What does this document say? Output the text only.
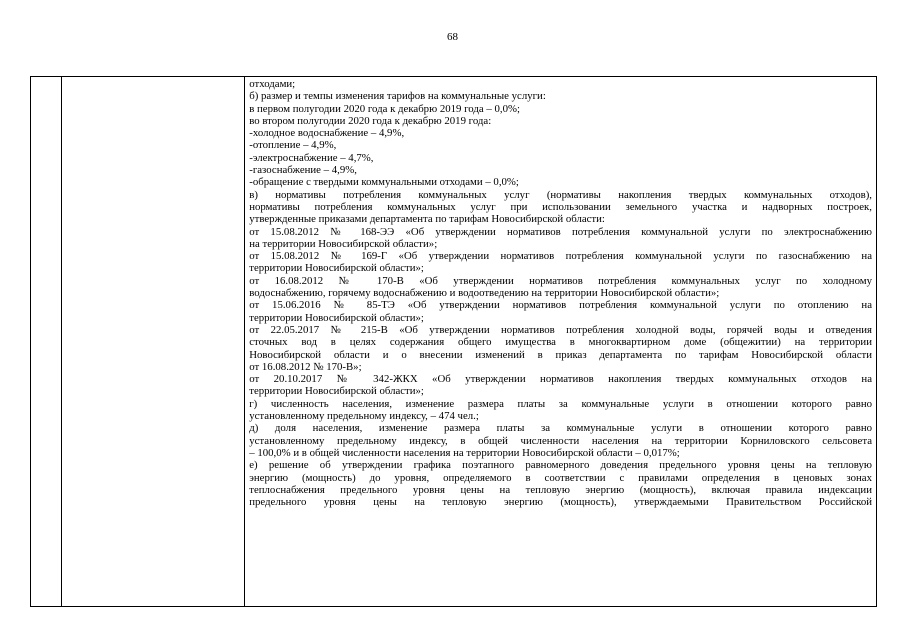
68

отходами;
б) размер и темпы изменения тарифов на коммунальные услуги:
в первом полугодии 2020 года к декабрю 2019 года – 0,0%;
во втором полугодии 2020 года к декабрю 2019 года:
-холодное водоснабжение – 4,9%,
-отопление – 4,9%,
-электроснабжение – 4,7%,
-газоснабжение – 4,9%,
-обращение с твердыми коммунальными отходами – 0,0%;
в) нормативы потребления коммунальных услуг (нормативы накопления твердых коммунальных отходов),
нормативы потребления коммунальных услуг при использовании земельного участка и надворных построек,
утвержденные приказами департамента по тарифам Новосибирской области:
от 15.08.2012 № 168-ЭЭ «Об утверждении нормативов потребления коммунальной услуги по электроснабжению
на территории Новосибирской области»;
от 15.08.2012 № 169-Г «Об утверждении нормативов потребления коммунальной услуги по газоснабжению на
территории Новосибирской области»;
от 16.08.2012 № 170-В «Об утверждении нормативов потребления коммунальных услуг по холодному
водоснабжению, горячему водоснабжению и водоотведению на территории Новосибирской области»;
от 15.06.2016 № 85-ТЭ «Об утверждении нормативов потребления коммунальной услуги по отоплению на
территории Новосибирской области»;
от 22.05.2017 № 215-В «Об утверждении нормативов потребления холодной воды, горячей воды и отведения
сточных вод в целях содержания общего имущества в многоквартирном доме (общежитии) на территории
Новосибирской области и о внесении изменений в приказ департамента по тарифам Новосибирской области
от 16.08.2012 № 170-В»;
от 20.10.2017 № 342-ЖКХ «Об утверждении нормативов накопления твердых коммунальных отходов на
территории Новосибирской области»;
г) численность населения, изменение размера платы за коммунальные услуги в отношении которого равно
установленному предельному индексу, – 474 чел.;
д) доля населения, изменение размера платы за коммунальные услуги в отношении которого равно
установленному предельному индексу, в общей численности населения на территории Корниловского сельсовета
– 100,0% и в общей численности населения на территории Новосибирской области – 0,017%;
е) решение об утверждении графика поэтапного равномерного доведения предельного уровня цены на тепловую
энергию (мощность) до уровня, определяемого в соответствии с правилами определения в ценовых зонах
теплоснабжения предельного уровня цены на тепловую энергию (мощность), включая правила индексации
предельного уровня цены на тепловую энергию (мощность), утверждаемыми Правительством Российской
